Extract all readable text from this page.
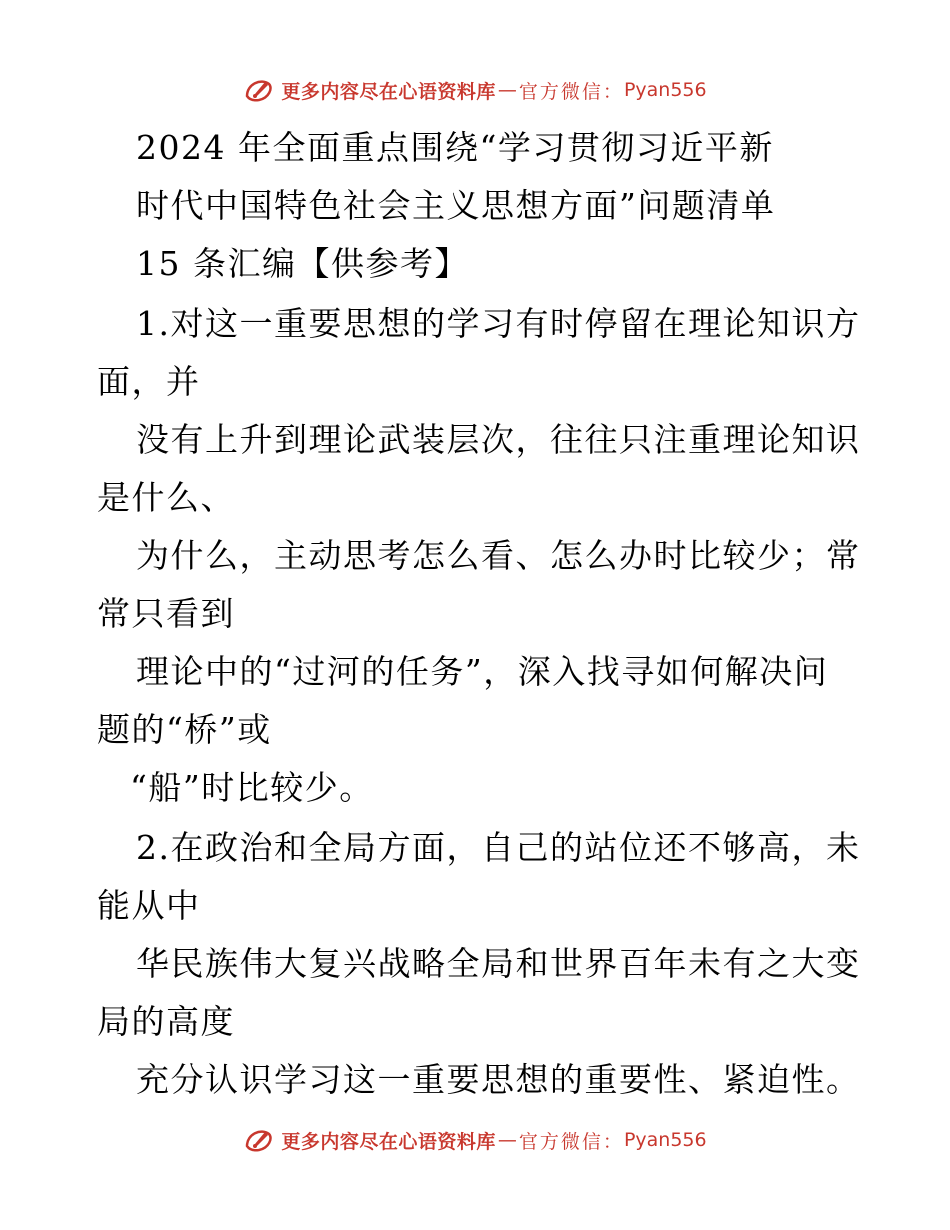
更多内容尽在心语资料库 — 官方微信： Pyan556
2024 年全面重点围绕“学习贯彻习近平新
时代中国特色社会主义思想方面”问题清单
15 条汇编【供参考】
1.对这一重要思想的学习有时停留在理论知识方
面，并
没有上升到理论武装层次，往往只注重理论知识
是什么、
为什么，主动思考怎么看、怎么办时比较少；常
常只看到
理论中的“过河的任务”，深入找寻如何解决问
题的“桥”或
“船”时比较少。
2.在政治和全局方面，自己的站位还不够高，未
能从中
华民族伟大复兴战略全局和世界百年未有之大变
局的高度
充分认识学习这一重要思想的重要性、紧迫性。
更多内容尽在心语资料库 — 官方微信： Pyan556
